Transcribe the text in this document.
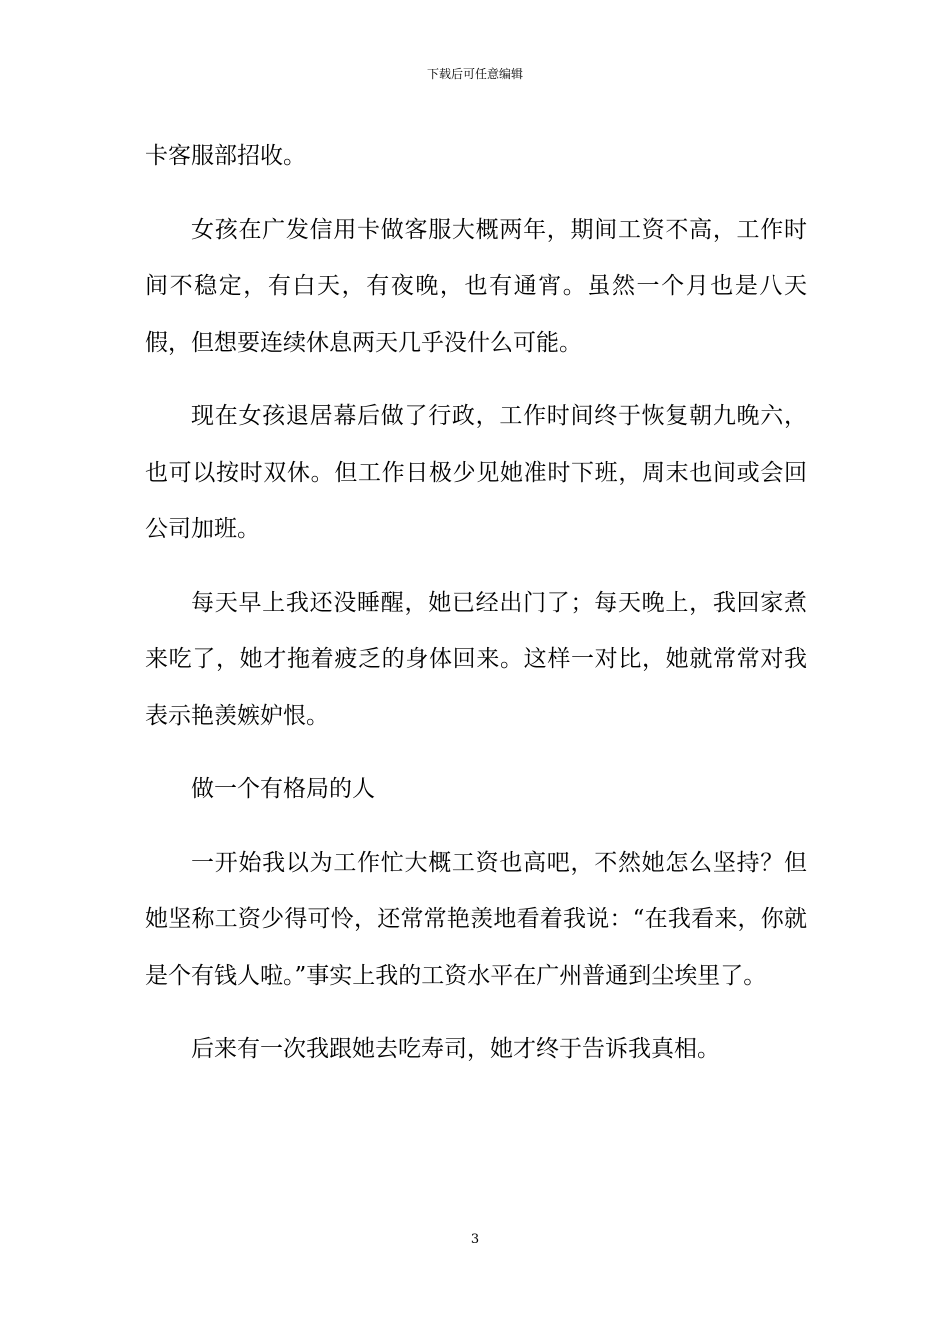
下载后可任意编辑

卡客服部招收。

女孩在广发信用卡做客服大概两年，期间工资不高，工作时间不稳定，有白天，有夜晚，也有通宵。虽然一个月也是八天假，但想要连续休息两天几乎没什么可能。

现在女孩退居幕后做了行政，工作时间终于恢复朝九晚六，也可以按时双休。但工作日极少见她准时下班，周末也间或会回公司加班。

每天早上我还没睡醒，她已经出门了；每天晚上，我回家煮来吃了，她才拖着疲乏的身体回来。这样一对比，她就常常对我表示艳羡嫉妒恨。

做一个有格局的人

一开始我以为工作忙大概工资也高吧，不然她怎么坚持？但她坚称工资少得可怜，还常常艳羡地看着我说：“在我看来，你就是个有钱人啦。”事实上我的工资水平在广州普通到尘埃里了。

后来有一次我跟她去吃寿司，她才终于告诉我真相。

3
